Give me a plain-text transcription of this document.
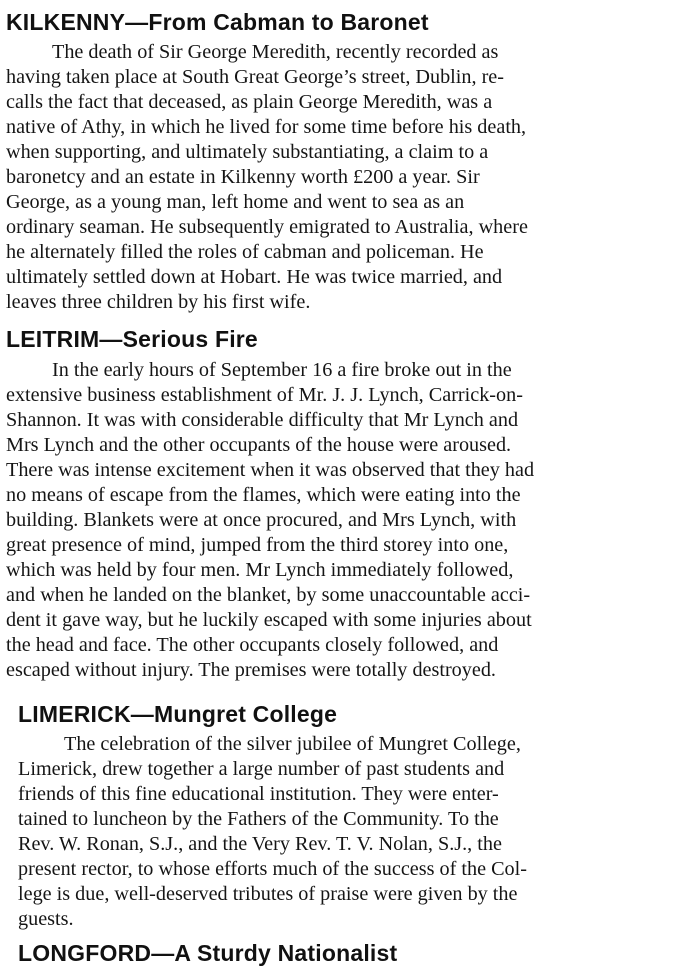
KILKENNY—From Cabman to Baronet

The death of Sir George Meredith, recently recorded as

having taken place at South Great George’s street, Dublin, re-

calls the fact that deceased, as plain George Meredith, was a

native of Athy, in which he lived for some time before his death,

when supporting, and ultimately substantiating, a claim to a

baronetcy and an estate in Kilkenny worth £200 a year. Sir

George, as a young man, left home and went to sea as an

ordinary seaman. He subsequently emigrated to Australia, where

he alternately filled the roles of cabman and policeman. He

ultimately settled down at Hobart. He was twice married, and

leaves three children by his first wife.

LEITRIM—Serious Fire

In the early hours of September 16 a fire broke out in the

extensive business establishment of Mr. J. J. Lynch, Carrick-on-

Shannon. It was with considerable difficulty that Mr Lynch and

Mrs Lynch and the other occupants of the house were aroused.

There was intense excitement when it was observed that they had

no means of escape from the flames, which were eating into the

building. Blankets were at once procured, and Mrs Lynch, with

great presence of mind, jumped from the third storey into one,

which was held by four men. Mr Lynch immediately followed,

and when he landed on the blanket, by some unaccountable acci-

dent it gave way, but he luckily escaped with some injuries about

the head and face. The other occupants closely followed, and

escaped without injury. The premises were totally destroyed.

LIMERICK—Mungret College

The celebration of the silver jubilee of Mungret College,

Limerick, drew together a large number of past students and

friends of this fine educational institution. They were enter-

tained to luncheon by the Fathers of the Community. To the

Rev. W. Ronan, S.J., and the Very Rev. T. V. Nolan, S.J., the

present rector, to whose efforts much of the success of the Col-

lege is due, well-deserved tributes of praise were given by the

guests.

LONGFORD—A Sturdy Nationalist
